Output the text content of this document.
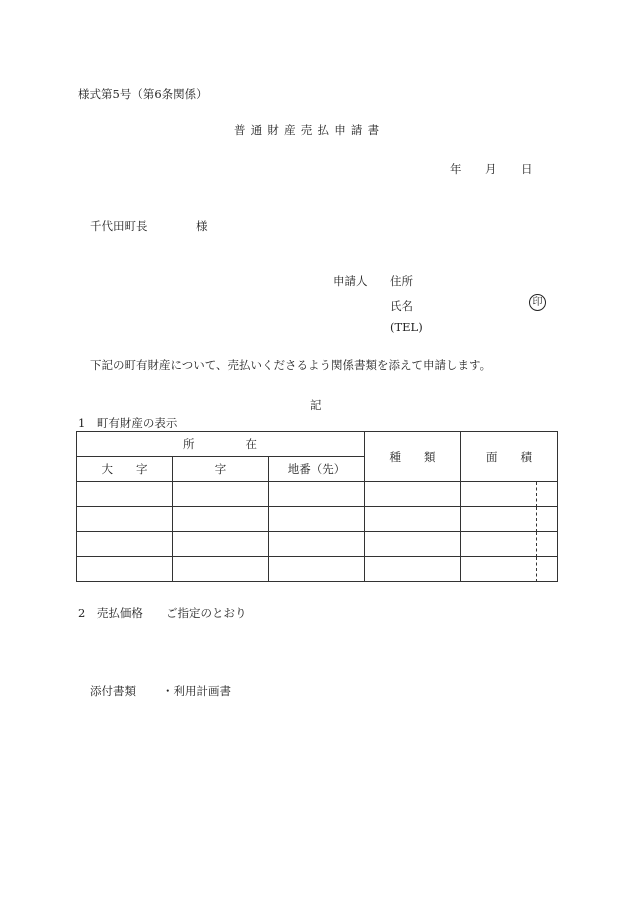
様式第5号（第6条関係）
普通財産売払申請書
年 月 日
千代田町長	様
申請人 住所
氏名	印
(TEL)
下記の町有財産について、売払いくださるよう関係書類を添えて申請します。
記
1　町有財産の表示
所　　　　在			種　　類	面　　積
大　　字	字	地番（先）		

2　売払価格 ご指定のとおり
添付書類 ・利用計画書
